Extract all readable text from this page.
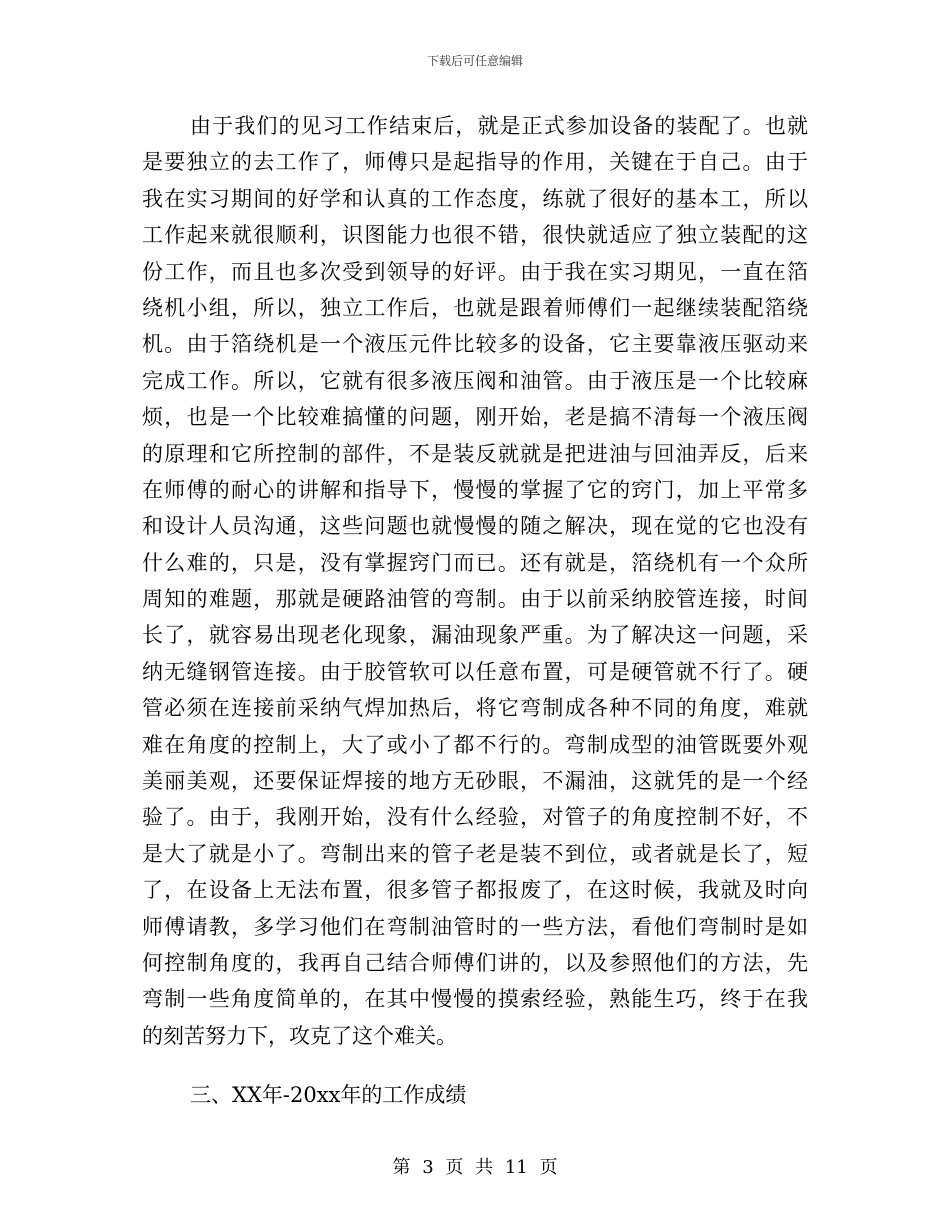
下载后可任意编辑
由于我们的见习工作结束后，就是正式参加设备的装配了。也就
是要独立的去工作了，师傅只是起指导的作用，关键在于自己。由于
我在实习期间的好学和认真的工作态度，练就了很好的基本工，所以
工作起来就很顺利，识图能力也很不错，很快就适应了独立装配的这
份工作，而且也多次受到领导的好评。由于我在实习期见，一直在箔
绕机小组，所以，独立工作后，也就是跟着师傅们一起继续装配箔绕
机。由于箔绕机是一个液压元件比较多的设备，它主要靠液压驱动来
完成工作。所以，它就有很多液压阀和油管。由于液压是一个比较麻
烦，也是一个比较难搞懂的问题，刚开始，老是搞不清每一个液压阀
的原理和它所控制的部件，不是装反就就是把进油与回油弄反，后来
在师傅的耐心的讲解和指导下，慢慢的掌握了它的窍门，加上平常多
和设计人员沟通，这些问题也就慢慢的随之解决，现在觉的它也没有
什么难的，只是，没有掌握窍门而已。还有就是，箔绕机有一个众所
周知的难题，那就是硬路油管的弯制。由于以前采纳胶管连接，时间
长了，就容易出现老化现象，漏油现象严重。为了解决这一问题，采
纳无缝钢管连接。由于胶管软可以任意布置，可是硬管就不行了。硬
管必须在连接前采纳气焊加热后，将它弯制成各种不同的角度，难就
难在角度的控制上，大了或小了都不行的。弯制成型的油管既要外观
美丽美观，还要保证焊接的地方无砂眼，不漏油，这就凭的是一个经
验了。由于，我刚开始，没有什么经验，对管子的角度控制不好，不
是大了就是小了。弯制出来的管子老是装不到位，或者就是长了，短
了，在设备上无法布置，很多管子都报废了，在这时候，我就及时向
师傅请教，多学习他们在弯制油管时的一些方法，看他们弯制时是如
何控制角度的，我再自己结合师傅们讲的，以及参照他们的方法，先
弯制一些角度简单的，在其中慢慢的摸索经验，熟能生巧，终于在我
的刻苦努力下，攻克了这个难关。
三、XX年-20xx年的工作成绩
第 3 页 共 11 页
